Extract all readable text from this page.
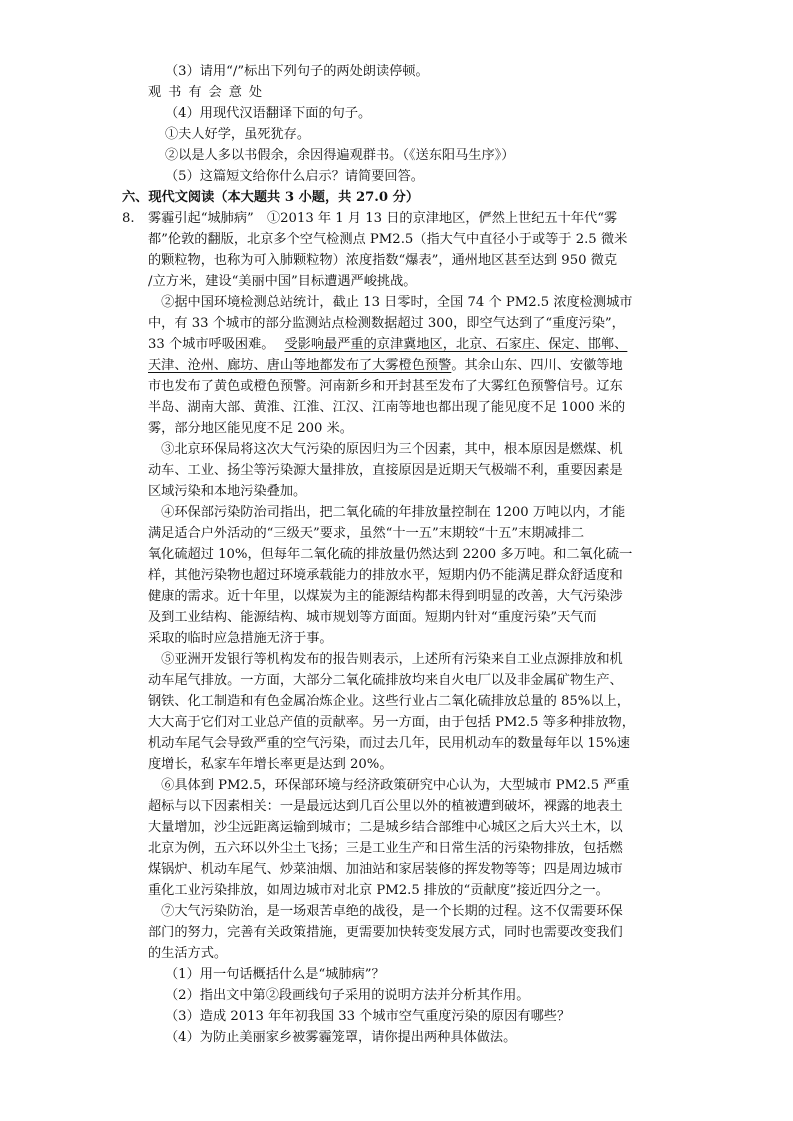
（3）请用“/”标出下列句子的两处朗读停顿。
观书有会意处
（4）用现代汉语翻译下面的句子。
①夫人好学，虽死犹存。
②以是人多以书假余，余因得遍观群书。（《送东阳马生序》）
（5）这篇短文给你什么启示？请简要回答。
六、现代文阅读（本大题共 3 小题，共 27.0 分）
8. 雾霾引起“城肺病”　①2013 年 1 月 13 日的京津地区，俨然上世纪五十年代“雾
都”伦敦的翻版，北京多个空气检测点 PM2.5（指大气中直径小于或等于 2.5 微米
的颗粒物，也称为可入肺颗粒物）浓度指数“爆表”，通州地区甚至达到 950 微克
/立方米，建设“美丽中国”目标遭遇严峻挑战。
　②据中国环境检测总站统计，截止 13 日零时，全国 74 个 PM2.5 浓度检测城市
中，有 33 个城市的部分监测站点检测数据超过 300，即空气达到了“重度污染”，
33 个城市呼吸困难。 受影响最严重的京津冀地区，北京、石家庄、保定、邯郸、
天津、沧州、廊坊、唐山等地都发布了大雾橙色预警。其余山东、四川、安徽等地
市也发布了黄色或橙色预警。河南新乡和开封甚至发布了大雾红色预警信号。辽东
半岛、湖南大部、黄淮、江淮、江汉、江南等地也都出现了能见度不足 1000 米的
雾，部分地区能见度不足 200 米。
　③北京环保局将这次大气污染的原因归为三个因素，其中，根本原因是燃煤、机
动车、工业、扬尘等污染源大量排放，直接原因是近期天气极端不利，重要因素是
区域污染和本地污染叠加。
　④环保部污染防治司指出，把二氧化硫的年排放量控制在 1200 万吨以内，才能
满足适合户外活动的“三级天”要求，虽然“十一五”末期较“十五”末期减排二
氧化硫超过 10%，但每年二氧化硫的排放量仍然达到 2200 多万吨。和二氧化硫一
样，其他污染物也超过环境承载能力的排放水平，短期内仍不能满足群众舒适度和
健康的需求。近十年里，以煤炭为主的能源结构都未得到明显的改善，大气污染涉
及到工业结构、能源结构、城市规划等方面面。短期内针对“重度污染”天气而
采取的临时应急措施无济于事。
　⑤亚洲开发银行等机构发布的报告则表示，上述所有污染来自工业点源排放和机
动车尾气排放。一方面，大部分二氧化硫排放均来自火电厂以及非金属矿物生产、
钢铁、化工制造和有色金属冶炼企业。这些行业占二氧化硫排放总量的 85%以上，
大大高于它们对工业总产值的贡献率。另一方面，由于包括 PM2.5 等多种排放物，
机动车尾气会导致严重的空气污染，而过去几年，民用机动车的数量每年以 15%速
度增长，私家车年增长率更是达到 20%。
　⑥具体到 PM2.5，环保部环境与经济政策研究中心认为，大型城市 PM2.5 严重
超标与以下因素相关：一是最远达到几百公里以外的植被遭到破坏，裸露的地表土
大量增加，沙尘远距离运输到城市；二是城乡结合部维中心城区之后大兴土木，以
北京为例，五六环以外尘土飞扬；三是工业生产和日常生活的污染物排放，包括燃
煤锅炉、机动车尾气、炒菜油烟、加油站和家居装修的挥发物等等；四是周边城市
重化工业污染排放，如周边城市对北京 PM2.5 排放的“贡献度”接近四分之一。
　⑦大气污染防治，是一场艰苦卓绝的战役，是一个长期的过程。这不仅需要环保
部门的努力，完善有关政策措施，更需要加快转变发展方式，同时也需要改变我们
的生活方式。
（1）用一句话概括什么是“城肺病”？
（2）指出文中第②段画线句子采用的说明方法并分析其作用。
（3）造成 2013 年年初我国 33 个城市空气重度污染的原因有哪些？
（4）为防止美丽家乡被雾霾笼罩，请你提出两种具体做法。
